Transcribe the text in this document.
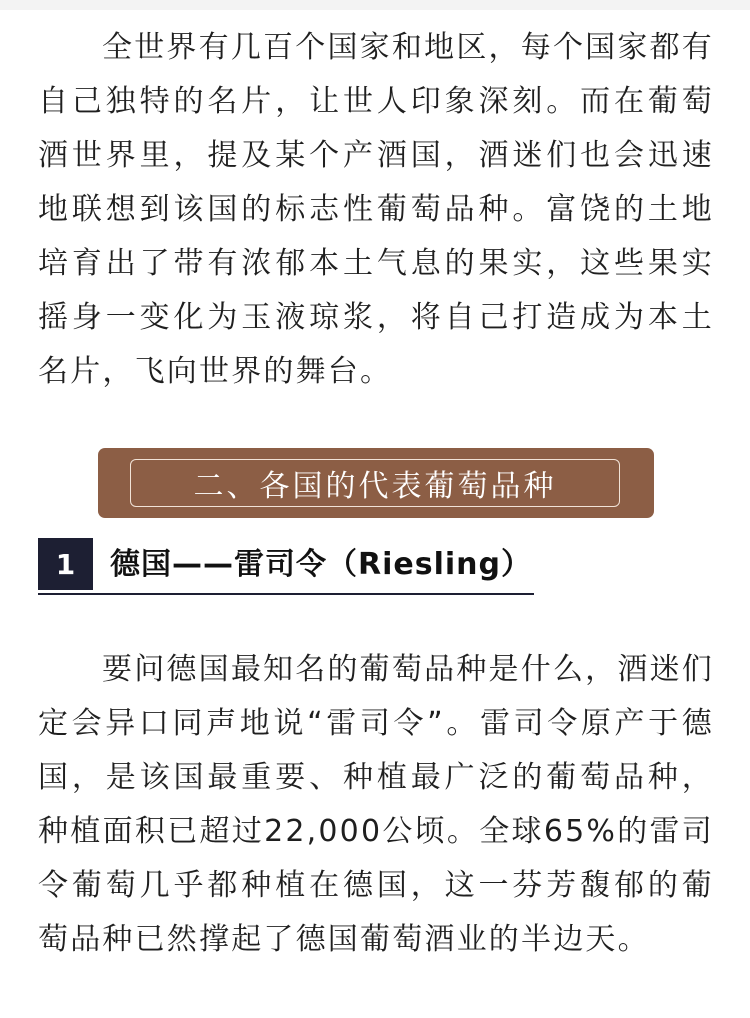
全世界有几百个国家和地区，每个国家都有自己独特的名片，让世人印象深刻。而在葡萄酒世界里，提及某个产酒国，酒迷们也会迅速地联想到该国的标志性葡萄品种。富饶的土地培育出了带有浓郁本土气息的果实，这些果实摇身一变化为玉液琼浆，将自己打造成为本土名片，飞向世界的舞台。

二、各国的代表葡萄品种
1	德国——雷司令（Riesling）

要问德国最知名的葡萄品种是什么，酒迷们定会异口同声地说“雷司令”。雷司令原产于德国，是该国最重要、种植最广泛的葡萄品种，种植面积已超过22,000公顷。全球65%的雷司令葡萄几乎都种植在德国，这一芬芳馥郁的葡萄品种已然撑起了德国葡萄酒业的半边天。
